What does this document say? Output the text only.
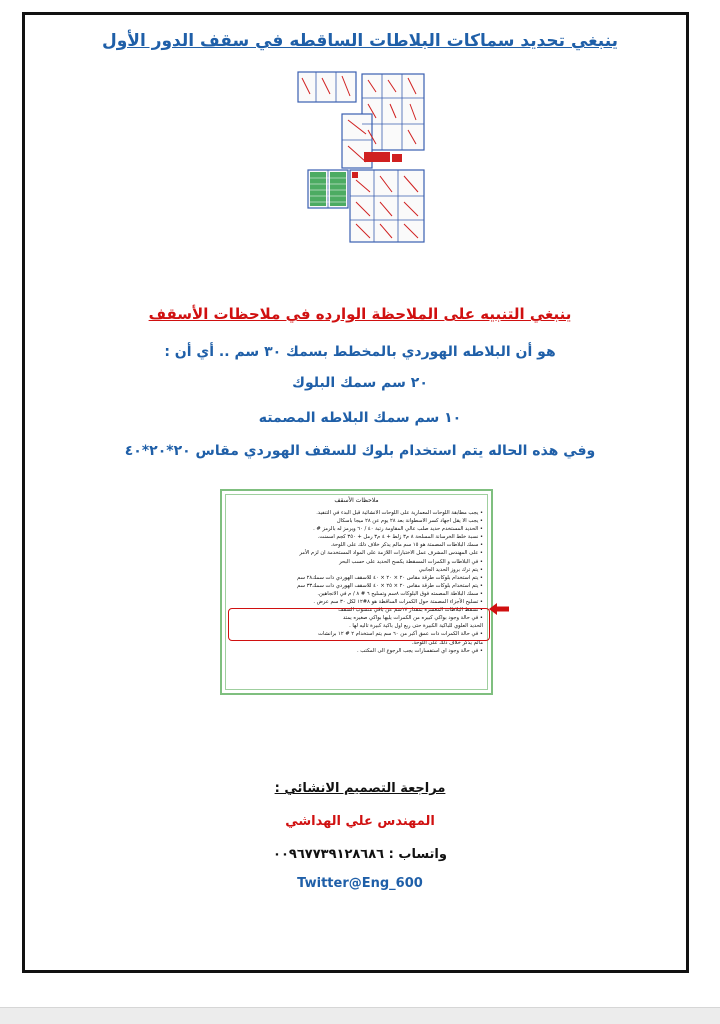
ينبغي تحديد سماكات البلاطات الساقطه في سقف الدور الأول
ينبغي التنبيه على الملاحظة الوارده في ملاحظات الأسقف
هو أن البلاطه الهوردي بالمخطط بسمك ٣٠ سم .. أي أن :
٢٠ سم سمك البلوك
١٠ سم سمك البلاطه المصمته
وفي هذه الحاله يتم استخدام بلوك للسقف الهوردي مقاس ٢٠*٢٠*٤٠
ملاحظات الأسقف
• يجب مطابقة اللوحات المعمارية على اللوحات الانشائية قبل البدء في التنفيذ.
• يجب الا يقل اجهاد كسر الاسطوانة بعد ٢٨ يوم عن ٢٨ ميجا باسكال
• الحديد المستخدم حديد صلب عالي المقاومة رتبة ٤٠ / ٦٠ ويرمز له بالرمز # .
• نسبة خلط الخرسانة المسلحة ٨ م٣ زلط + ٤ م٣ رمل + ٣٥٠ كجم اسمنت.
• سمك البلاطات المصمتة هو ١٥ سم مالم يذكر خلاف ذلك على اللوحة.
• على المهندس المشرف عمل الاختبارات اللازمة على المواد المستخدمة ان لزم الأمر
• في البلاطات و الكمرات المسقطة يكسح الحديد على حسب البحر
• يتم ترك بروز الحديد الجانبي
• يتم استخدام بلوكات طرقة مقاس ٢٠ × ٢٠ × ٤٠ للاسقف الهوردي ذات سمك٢٨ سم
• يتم استخدام بلوكات طرقة مقاس ٢٠ × ٢٥ × ٤٠ للاسقف الهوردي ذات سمك٣٣ سم
• سمك البلاطة المصمته فوق البلوكات ٨سم وتسليح ٦ # ٨ / م في الاتجاهين.
• تسليح الأجزاء المصمتة حول الكمرات الساقطة هو ٨#١٢ لكل ٣٠ سم عرض .
• تسقط البلاطات المعشرة بمقدار ١٧سم عن باقي منسوب السقف
• في حالة وجود بواكي كبيره من الكمرات يليها بواكي صغيره يمتد
الحديد العلوي للباكية الكبيرة حتى ربع اول باكية كبيرة تاليه لها .
• في حالة الكمرات ذات عمق أكبر من ٦٠ سم يتم استخدام ٢ # ١٢ برانشات
مالم يذكر خلاف ذلك على اللوحة.
• في حالة وجود اي استفسارات يجب الرجوع الى المكتب .
مراجعة التصميم الانشائي :
المهندس علي الهداشي
واتساب : ٠٠٩٦٧٧٣٩١٢٨٦٨٦
Twitter@Eng_600
